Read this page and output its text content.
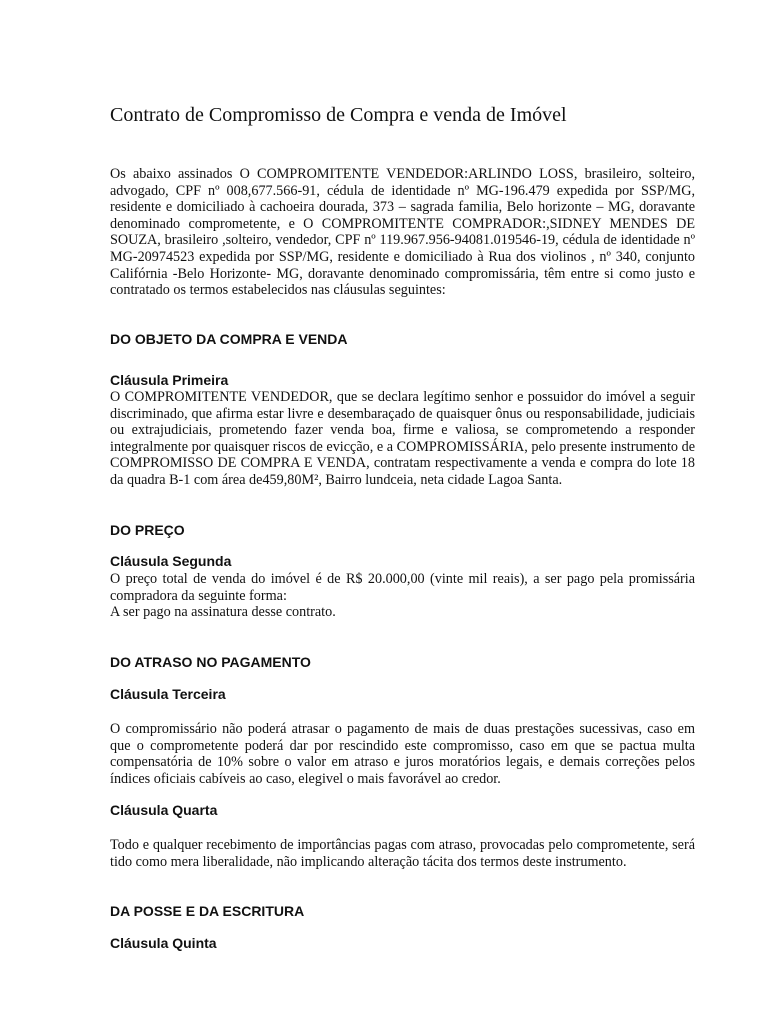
Contrato de Compromisso de Compra e venda de Imóvel

Os abaixo assinados O COMPROMITENTE VENDEDOR:ARLINDO LOSS, brasileiro, solteiro, advogado, CPF nº 008,677.566-91, cédula de identidade nº MG-196.479 expedida por SSP/MG, residente e domiciliado à cachoeira dourada, 373 – sagrada familia, Belo horizonte – MG, doravante denominado comprometente, e O COMPROMITENTE COMPRADOR:,SIDNEY MENDES DE SOUZA, brasileiro ,solteiro, vendedor, CPF nº 119.967.956-94081.019546-19, cédula de identidade nº MG-20974523 expedida por SSP/MG, residente e domiciliado à Rua dos violinos , nº 340, conjunto Califórnia -Belo Horizonte- MG, doravante denominado compromissária, têm entre si como justo e contratado os termos estabelecidos nas cláusulas seguintes:

DO OBJETO DA COMPRA E VENDA
Cláusula Primeira

O COMPROMITENTE VENDEDOR, que se declara legítimo senhor e possuidor do imóvel a seguir discriminado, que afirma estar livre e desembaraçado de quaisquer ônus ou responsabilidade, judiciais ou extrajudiciais, prometendo fazer venda boa, firme e valiosa, se comprometendo a responder integralmente por quaisquer riscos de evicção, e a COMPROMISSÁRIA, pelo presente instrumento de COMPROMISSO DE COMPRA E VENDA, contratam respectivamente a venda e compra do lote 18 da quadra B-1 com área de459,80M², Bairro lundceia, neta cidade Lagoa Santa.

DO PREÇO
Cláusula Segunda

O preço total de venda do imóvel é de R$ 20.000,00 (vinte mil reais), a ser pago pela promissária compradora da seguinte forma:

A ser pago na assinatura desse contrato.

DO ATRASO NO PAGAMENTO
Cláusula Terceira

O compromissário não poderá atrasar o pagamento de mais de duas prestações sucessivas, caso em que o comprometente poderá dar por rescindido este compromisso, caso em que se pactua multa compensatória de 10% sobre o valor em atraso e juros moratórios legais, e demais correções pelos índices oficiais cabíveis ao caso, elegivel o mais favorável ao credor.

Cláusula Quarta

Todo e qualquer recebimento de importâncias pagas com atraso, provocadas pelo comprometente, será tido como mera liberalidade, não implicando alteração tácita dos termos deste instrumento.

DA POSSE E DA ESCRITURA
Cláusula Quinta
